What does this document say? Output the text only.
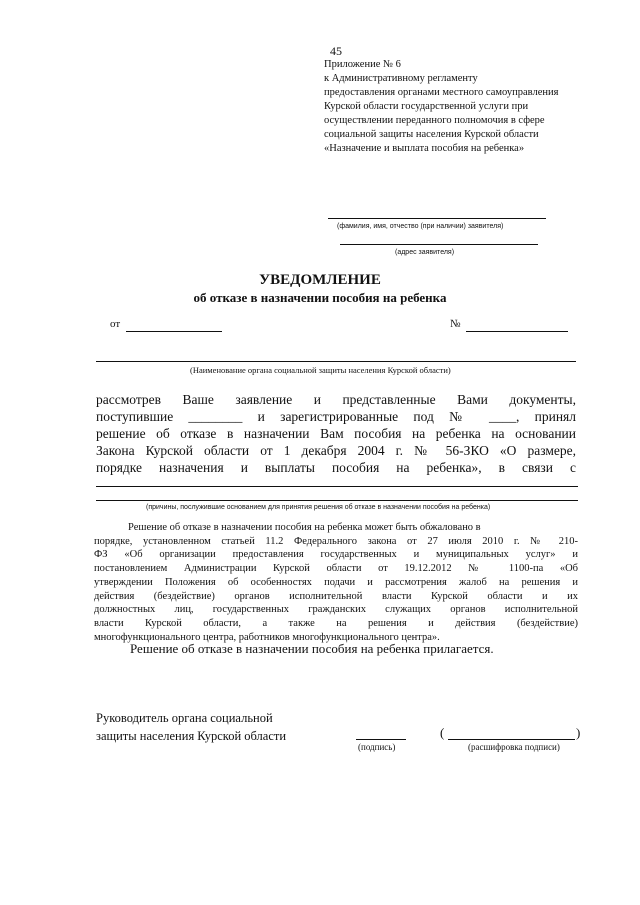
45
Приложение № 6
к Административному регламенту
предоставления органами местного самоуправления
Курской области государственной услуги при
осуществлении переданного полномочия в сфере
социальной защиты населения Курской области
«Назначение и выплата пособия на ребенка»
(фамилия, имя, отчество (при наличии) заявителя)
(адрес заявителя)
УВЕДОМЛЕНИЕ
об отказе в назначении пособия на ребенка
от	№
(Наименование органа социальной защиты населения Курской области)
рассмотрев Ваше заявление и представленные Вами документы,
поступившие ________ и зарегистрированные под № ____, принял
решение об отказе в назначении Вам пособия на ребенка на основании
Закона Курской области от 1 декабря 2004 г. № 56-ЗКО «О размере,
порядке назначения и выплаты пособия на ребенка», в связи с
(причины, послужившие основанием для принятия решения об отказе в назначении пособия на ребенка)
Решение об отказе в назначении пособия на ребенка может быть обжаловано в
порядке, установленном статьей 11.2 Федерального закона от 27 июля 2010 г. № 210-
ФЗ «Об организации предоставления государственных и муниципальных услуг» и
постановлением Администрации Курской области от 19.12.2012 № 1100-па «Об
утверждении Положения об особенностях подачи и рассмотрения жалоб на решения и
действия (бездействие) органов исполнительной власти Курской области и их
должностных лиц, государственных гражданских служащих органов исполнительной
власти Курской области, а также на решения и действия (бездействие)
многофункционального центра, работников многофункционального центра».
Решение об отказе в назначении пособия на ребенка прилагается.
Руководитель органа социальной
защиты населения Курской области
(подпись)
(	)
(расшифровка подписи)
